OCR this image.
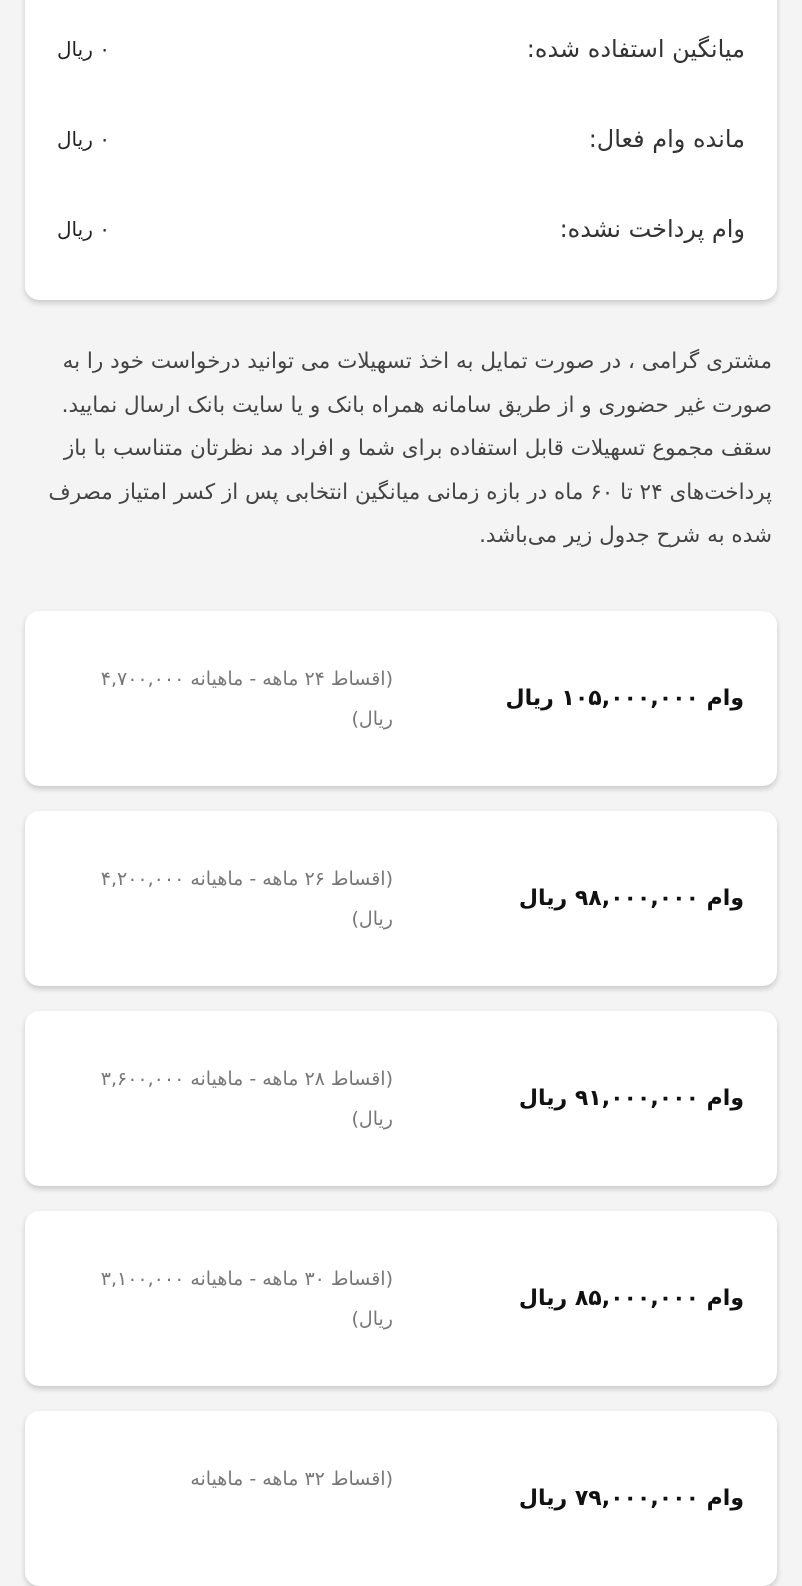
میانگین استفاده شده:
۰ ریال
مانده وام فعال:
۰ ریال
وام پرداخت نشده:
۰ ریال

مشتری گرامی ، در صورت تمایل به اخذ تسهیلات می توانید درخواست خود را به صورت غیر حضوری و از طریق سامانه همراه بانک و یا سایت بانک ارسال نمایید.

سقف مجموع تسهیلات قابل استفاده برای شما و افراد مد نظرتان متناسب با باز پرداخت‌های ۲۴ تا ۶۰ ماه در بازه زمانی میانگین انتخابی پس از کسر امتیاز مصرف شده به شرح جدول زیر می‌باشد.

وام ۱۰۵,۰۰۰,۰۰۰ ریال
(اقساط ۲۴ ماهه - ماهیانه ۴,۷۰۰,۰۰۰ ریال)
وام ۹۸,۰۰۰,۰۰۰ ریال
(اقساط ۲۶ ماهه - ماهیانه ۴,۲۰۰,۰۰۰ ریال)
وام ۹۱,۰۰۰,۰۰۰ ریال
(اقساط ۲۸ ماهه - ماهیانه ۳,۶۰۰,۰۰۰ ریال)
وام ۸۵,۰۰۰,۰۰۰ ریال
(اقساط ۳۰ ماهه - ماهیانه ۳,۱۰۰,۰۰۰ ریال)
وام ۷۹,۰۰۰,۰۰۰ ریال
(اقساط ۳۲ ماهه - ماهیانه
